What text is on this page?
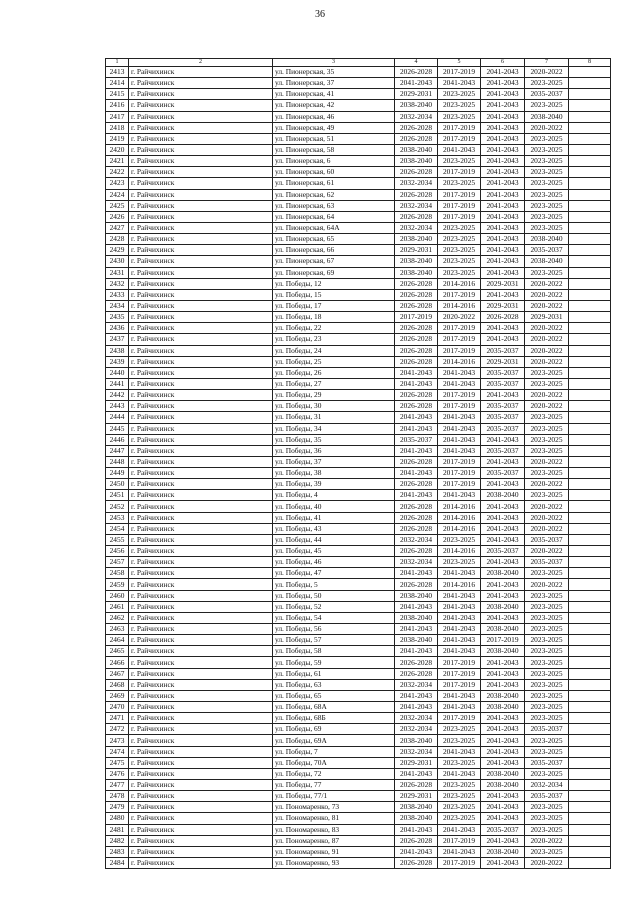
36
1	2	3	4	5	6	7	8
2413	г. Райчихинск	ул. Пионерская, 35	2026-2028	2017-2019	2041-2043	2020-2022	
2414	г. Райчихинск	ул. Пионерская, 37	2041-2043	2041-2043	2041-2043	2023-2025	
2415	г. Райчихинск	ул. Пионерская, 41	2029-2031	2023-2025	2041-2043	2035-2037	
2416	г. Райчихинск	ул. Пионерская, 42	2038-2040	2023-2025	2041-2043	2023-2025	
2417	г. Райчихинск	ул. Пионерская, 46	2032-2034	2023-2025	2041-2043	2038-2040	
2418	г. Райчихинск	ул. Пионерская, 49	2026-2028	2017-2019	2041-2043	2020-2022	
2419	г. Райчихинск	ул. Пионерская, 51	2026-2028	2017-2019	2041-2043	2023-2025	
2420	г. Райчихинск	ул. Пионерская, 58	2038-2040	2041-2043	2041-2043	2023-2025	
2421	г. Райчихинск	ул. Пионерская, 6	2038-2040	2023-2025	2041-2043	2023-2025	
2422	г. Райчихинск	ул. Пионерская, 60	2026-2028	2017-2019	2041-2043	2023-2025	
2423	г. Райчихинск	ул. Пионерская, 61	2032-2034	2023-2025	2041-2043	2023-2025	
2424	г. Райчихинск	ул. Пионерская, 62	2026-2028	2017-2019	2041-2043	2023-2025	
2425	г. Райчихинск	ул. Пионерская, 63	2032-2034	2017-2019	2041-2043	2023-2025	
2426	г. Райчихинск	ул. Пионерская, 64	2026-2028	2017-2019	2041-2043	2023-2025	
2427	г. Райчихинск	ул. Пионерская, 64А	2032-2034	2023-2025	2041-2043	2023-2025	
2428	г. Райчихинск	ул. Пионерская, 65	2038-2040	2023-2025	2041-2043	2038-2040	
2429	г. Райчихинск	ул. Пионерская, 66	2029-2031	2023-2025	2041-2043	2035-2037	
2430	г. Райчихинск	ул. Пионерская, 67	2038-2040	2023-2025	2041-2043	2038-2040	
2431	г. Райчихинск	ул. Пионерская, 69	2038-2040	2023-2025	2041-2043	2023-2025	
2432	г. Райчихинск	ул. Победы, 12	2026-2028	2014-2016	2029-2031	2020-2022	
2433	г. Райчихинск	ул. Победы, 15	2026-2028	2017-2019	2041-2043	2020-2022	
2434	г. Райчихинск	ул. Победы, 17	2026-2028	2014-2016	2029-2031	2020-2022	
2435	г. Райчихинск	ул. Победы, 18	2017-2019	2020-2022	2026-2028	2029-2031	
2436	г. Райчихинск	ул. Победы, 22	2026-2028	2017-2019	2041-2043	2020-2022	
2437	г. Райчихинск	ул. Победы, 23	2026-2028	2017-2019	2041-2043	2020-2022	
2438	г. Райчихинск	ул. Победы, 24	2026-2028	2017-2019	2035-2037	2020-2022	
2439	г. Райчихинск	ул. Победы, 25	2026-2028	2014-2016	2029-2031	2020-2022	
2440	г. Райчихинск	ул. Победы, 26	2041-2043	2041-2043	2035-2037	2023-2025	
2441	г. Райчихинск	ул. Победы, 27	2041-2043	2041-2043	2035-2037	2023-2025	
2442	г. Райчихинск	ул. Победы, 29	2026-2028	2017-2019	2041-2043	2020-2022	
2443	г. Райчихинск	ул. Победы, 30	2026-2028	2017-2019	2035-2037	2020-2022	
2444	г. Райчихинск	ул. Победы, 31	2041-2043	2041-2043	2035-2037	2023-2025	
2445	г. Райчихинск	ул. Победы, 34	2041-2043	2041-2043	2035-2037	2023-2025	
2446	г. Райчихинск	ул. Победы, 35	2035-2037	2041-2043	2041-2043	2023-2025	
2447	г. Райчихинск	ул. Победы, 36	2041-2043	2041-2043	2035-2037	2023-2025	
2448	г. Райчихинск	ул. Победы, 37	2026-2028	2017-2019	2041-2043	2020-2022	
2449	г. Райчихинск	ул. Победы, 38	2041-2043	2017-2019	2035-2037	2023-2025	
2450	г. Райчихинск	ул. Победы, 39	2026-2028	2017-2019	2041-2043	2020-2022	
2451	г. Райчихинск	ул. Победы, 4	2041-2043	2041-2043	2038-2040	2023-2025	
2452	г. Райчихинск	ул. Победы, 40	2026-2028	2014-2016	2041-2043	2020-2022	
2453	г. Райчихинск	ул. Победы, 41	2026-2028	2014-2016	2041-2043	2020-2022	
2454	г. Райчихинск	ул. Победы, 43	2026-2028	2014-2016	2041-2043	2020-2022	
2455	г. Райчихинск	ул. Победы, 44	2032-2034	2023-2025	2041-2043	2035-2037	
2456	г. Райчихинск	ул. Победы, 45	2026-2028	2014-2016	2035-2037	2020-2022	
2457	г. Райчихинск	ул. Победы, 46	2032-2034	2023-2025	2041-2043	2035-2037	
2458	г. Райчихинск	ул. Победы, 47	2041-2043	2041-2043	2038-2040	2023-2025	
2459	г. Райчихинск	ул. Победы, 5	2026-2028	2014-2016	2041-2043	2020-2022	
2460	г. Райчихинск	ул. Победы, 50	2038-2040	2041-2043	2041-2043	2023-2025	
2461	г. Райчихинск	ул. Победы, 52	2041-2043	2041-2043	2038-2040	2023-2025	
2462	г. Райчихинск	ул. Победы, 54	2038-2040	2041-2043	2041-2043	2023-2025	
2463	г. Райчихинск	ул. Победы, 56	2041-2043	2041-2043	2038-2040	2023-2025	
2464	г. Райчихинск	ул. Победы, 57	2038-2040	2041-2043	2017-2019	2023-2025	
2465	г. Райчихинск	ул. Победы, 58	2041-2043	2041-2043	2038-2040	2023-2025	
2466	г. Райчихинск	ул. Победы, 59	2026-2028	2017-2019	2041-2043	2023-2025	
2467	г. Райчихинск	ул. Победы, 61	2026-2028	2017-2019	2041-2043	2023-2025	
2468	г. Райчихинск	ул. Победы, 63	2032-2034	2017-2019	2041-2043	2023-2025	
2469	г. Райчихинск	ул. Победы, 65	2041-2043	2041-2043	2038-2040	2023-2025	
2470	г. Райчихинск	ул. Победы, 68А	2041-2043	2041-2043	2038-2040	2023-2025	
2471	г. Райчихинск	ул. Победы, 68Б	2032-2034	2017-2019	2041-2043	2023-2025	
2472	г. Райчихинск	ул. Победы, 69	2032-2034	2023-2025	2041-2043	2035-2037	
2473	г. Райчихинск	ул. Победы, 69А	2038-2040	2023-2025	2041-2043	2023-2025	
2474	г. Райчихинск	ул. Победы, 7	2032-2034	2041-2043	2041-2043	2023-2025	
2475	г. Райчихинск	ул. Победы, 70А	2029-2031	2023-2025	2041-2043	2035-2037	
2476	г. Райчихинск	ул. Победы, 72	2041-2043	2041-2043	2038-2040	2023-2025	
2477	г. Райчихинск	ул. Победы, 77	2026-2028	2023-2025	2038-2040	2032-2034	
2478	г. Райчихинск	ул. Победы, 77/1	2029-2031	2023-2025	2041-2043	2035-2037	
2479	г. Райчихинск	ул. Пономаренко, 73	2038-2040	2023-2025	2041-2043	2023-2025	
2480	г. Райчихинск	ул. Пономаренко, 81	2038-2040	2023-2025	2041-2043	2023-2025	
2481	г. Райчихинск	ул. Пономаренко, 83	2041-2043	2041-2043	2035-2037	2023-2025	
2482	г. Райчихинск	ул. Пономаренко, 87	2026-2028	2017-2019	2041-2043	2020-2022	
2483	г. Райчихинск	ул. Пономаренко, 91	2041-2043	2041-2043	2038-2040	2023-2025	
2484	г. Райчихинск	ул. Пономаренко, 93	2026-2028	2017-2019	2041-2043	2020-2022	
